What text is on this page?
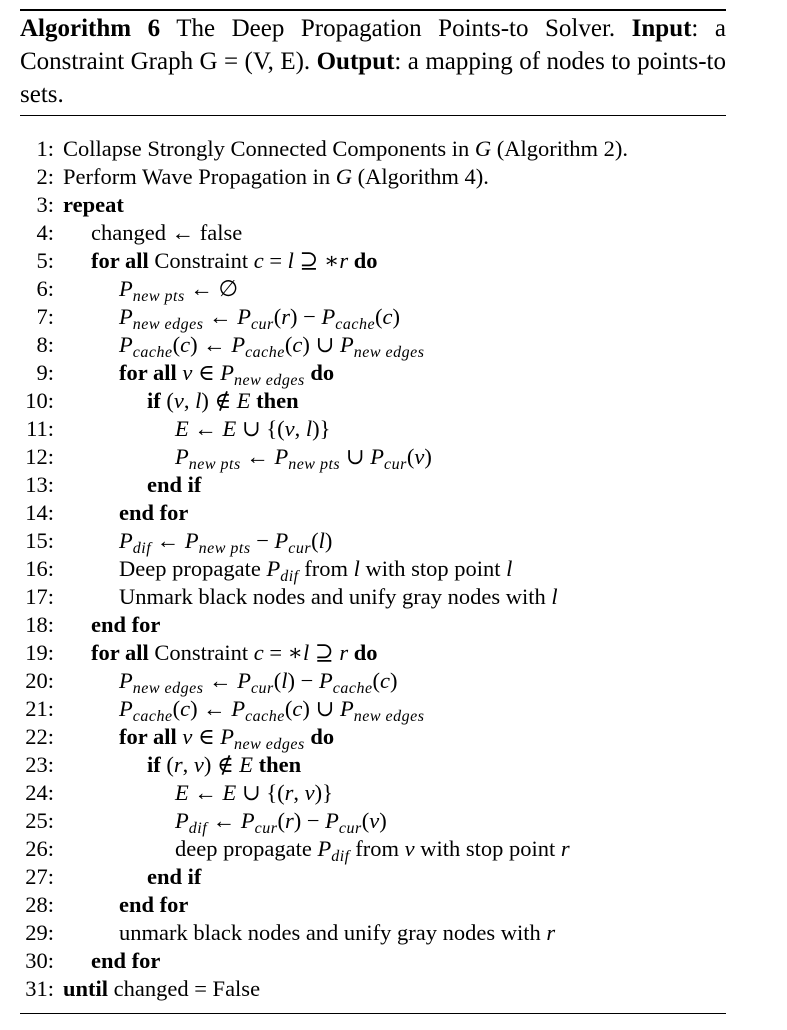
Algorithm 6 The Deep Propagation Points-to Solver. Input: a Constraint Graph G = (V, E). Output: a mapping of nodes to points-to sets.
1: Collapse Strongly Connected Components in G (Algorithm 2).
2: Perform Wave Propagation in G (Algorithm 4).
3: repeat
4: changed ← false
5: for all Constraint c = l ⊇ ∗r do
6:	$P_{new pts}$ ← ∅
7:	$P_{new edges}$ ← $P_{cur}(r) - P_{cache}(c)$
8:	$P_{cache}(c)$ ← $P_{cache}(c)$ ∪ $P_{new edges}$
9:	for all v ∈ $P_{new edges}$ do
10:	if (v, l) ∉ E then
11:	E ← E ∪ {(v, l)}
12:	$P_{new pts}$ ← $P_{new pts}$ ∪ $P_{cur}(v)$
13:	end if
14:	end for
15:	$P_{dif}$ ← $P_{new pts} - P_{cur}(l)$
16:	Deep propagate $P_{dif}$ from l with stop point l
17:	Unmark black nodes and unify gray nodes with l
18: end for
19: for all Constraint c = ∗l ⊇ r do
20:	$P_{new edges}$ ← $P_{cur}(l) - P_{cache}(c)$
21:	$P_{cache}(c)$ ← $P_{cache}(c)$ ∪ $P_{new edges}$
22:	for all v ∈ $P_{new edges}$ do
23:	if (r, v) ∉ E then
24:	E ← E ∪ {(r, v)}
25:	$P_{dif}$ ← $P_{cur}(r) - P_{cur}(v)$
26:	deep propagate $P_{dif}$ from v with stop point r
27:	end if
28:	end for
29:	unmark black nodes and unify gray nodes with r
30: end for
31: until changed = False
